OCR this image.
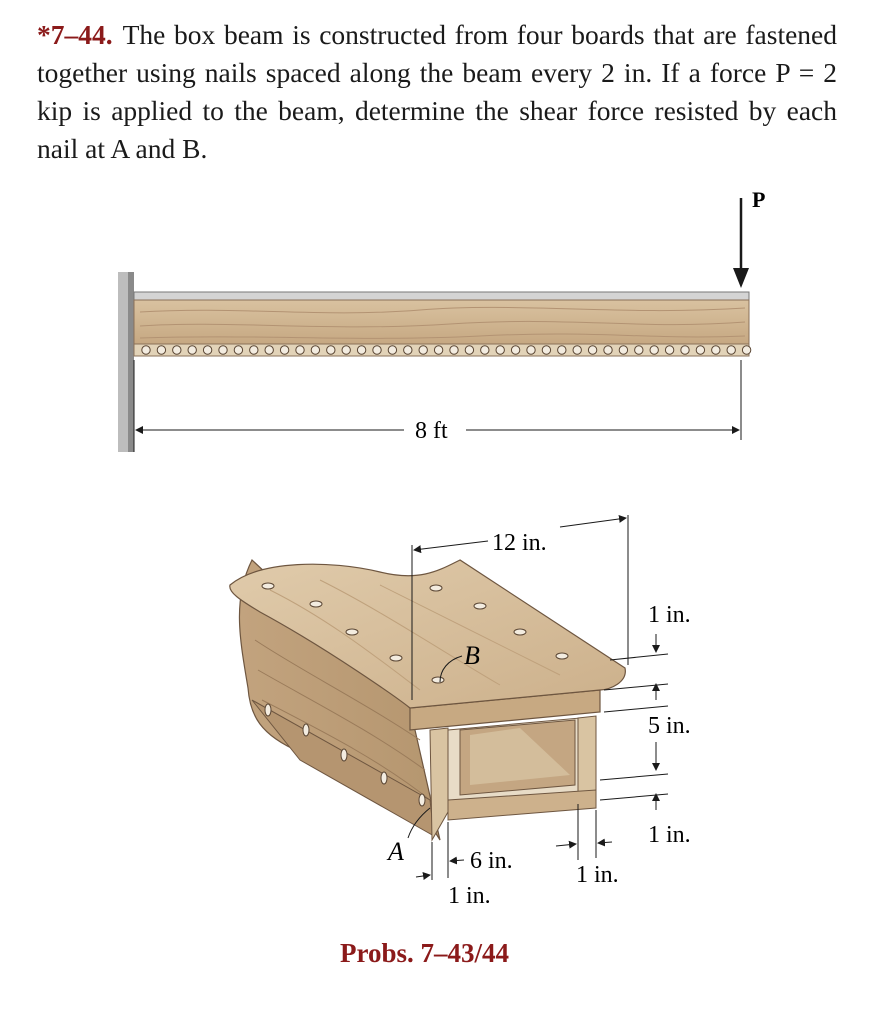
*7–44. The box beam is constructed from four boards that are fastened together using nails spaced along the beam every 2 in. If a force P = 2 kip is applied to the beam, determine the shear force resisted by each nail at A and B.
P
8 ft
12 in.
1 in.
5 in.
1 in.
6 in.
1 in.
1 in.
A
B
Probs. 7–43/44
